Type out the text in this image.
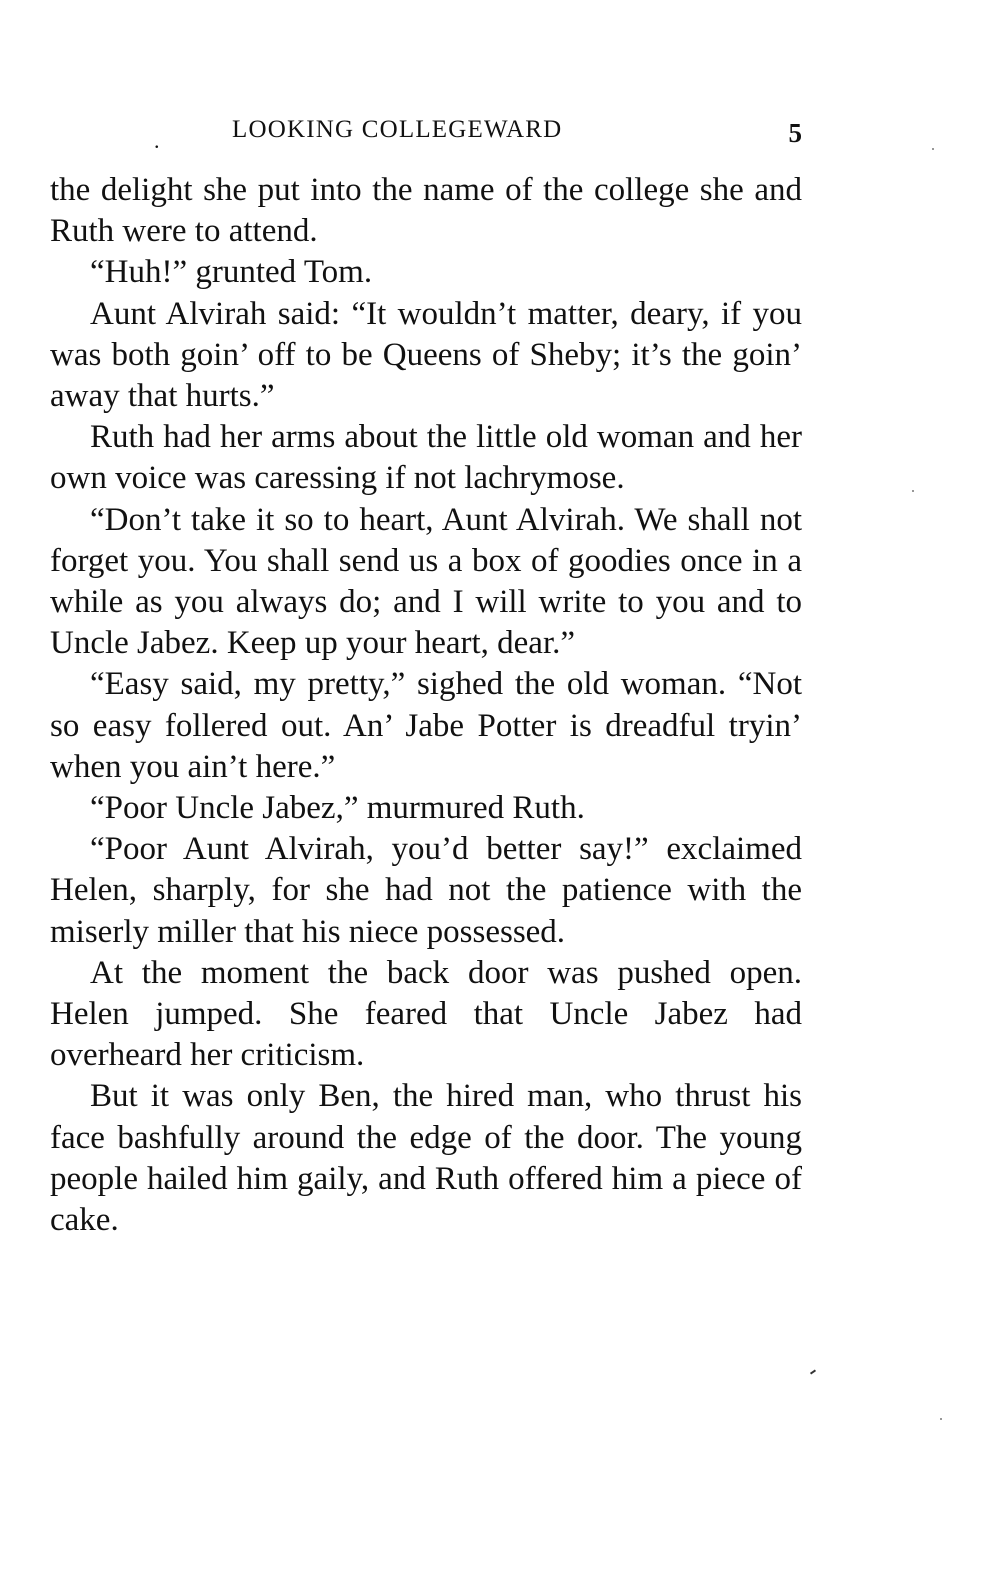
.	LOOKING COLLEGEWARD	5

the delight she put into the name of the college she and Ruth were to attend.

“Huh!” grunted Tom.

Aunt Alvirah said: “It wouldn’t matter, deary, if you was both goin’ off to be Queens of Sheby; it’s the goin’ away that hurts.”

Ruth had her arms about the little old woman and her own voice was caressing if not lachrymose.

“Don’t take it so to heart, Aunt Alvirah. We shall not forget you. You shall send us a box of goodies once in a while as you always do; and I will write to you and to Uncle Jabez. Keep up your heart, dear.”

“Easy said, my pretty,” sighed the old woman. “Not so easy follered out. An’ Jabe Potter is dreadful tryin’ when you ain’t here.”

“Poor Uncle Jabez,” murmured Ruth.

“Poor Aunt Alvirah, you’d better say!” exclaimed Helen, sharply, for she had not the patience with the miserly miller that his niece possessed.

At the moment the back door was pushed open. Helen jumped. She feared that Uncle Jabez had overheard her criticism.

But it was only Ben, the hired man, who thrust his face bashfully around the edge of the door. The young people hailed him gaily, and Ruth offered him a piece of cake.
